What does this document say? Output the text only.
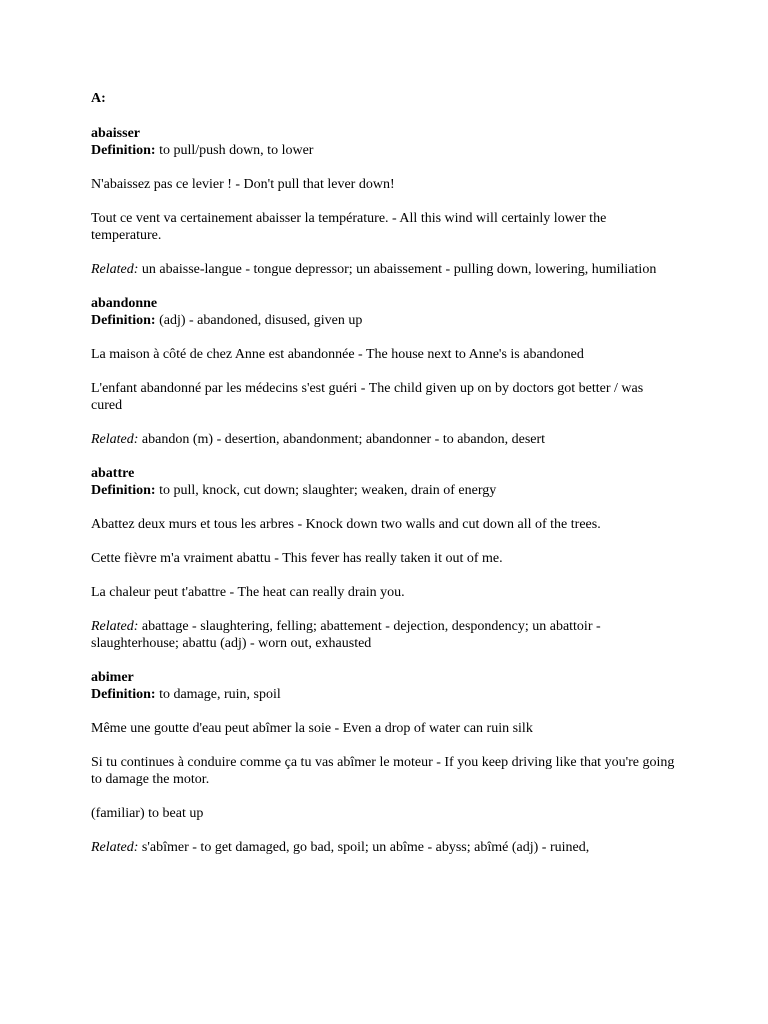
A:
abaisser
Definition: to pull/push down, to lower

N'abaissez pas ce levier ! - Don't pull that lever down!

Tout ce vent va certainement abaisser la température. - All this wind will certainly lower the temperature.

Related: un abaisse-langue - tongue depressor; un abaissement - pulling down, lowering, humiliation

abandonne
Definition: (adj) - abandoned, disused, given up

La maison à côté de chez Anne est abandonnée - The house next to Anne's is abandoned

L'enfant abandonné par les médecins s'est guéri - The child given up on by doctors got better / was cured

Related: abandon (m) - desertion, abandonment; abandonner - to abandon, desert

abattre
Definition: to pull, knock, cut down; slaughter; weaken, drain of energy

Abattez deux murs et tous les arbres - Knock down two walls and cut down all of the trees.

Cette fièvre m'a vraiment abattu - This fever has really taken it out of me.

La chaleur peut t'abattre - The heat can really drain you.

Related: abattage - slaughtering, felling; abattement - dejection, despondency; un abattoir - slaughterhouse; abattu (adj) - worn out, exhausted

abimer
Definition: to damage, ruin, spoil

Même une goutte d'eau peut abîmer la soie - Even a drop of water can ruin silk

Si tu continues à conduire comme ça tu vas abîmer le moteur - If you keep driving like that you're going to damage the motor.

(familiar) to beat up

Related: s'abîmer - to get damaged, go bad, spoil; un abîme - abyss; abîmé (adj) - ruined,
